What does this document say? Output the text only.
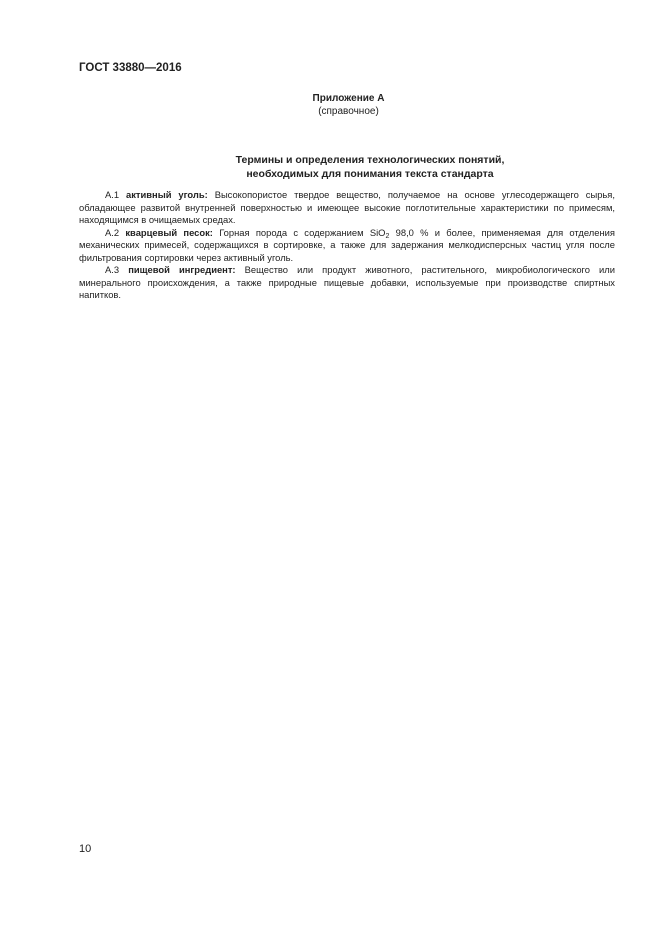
ГОСТ 33880—2016
Приложение А
(справочное)
Термины и определения технологических понятий,
необходимых для понимания текста стандарта

А.1 активный уголь: Высокопористое твердое вещество, получаемое на основе углесодержащего сырья, обладающее развитой внутренней поверхностью и имеющее высокие поглотительные характеристики по примесям, находящимся в очищаемых средах.

А.2 кварцевый песок: Горная порода с содержанием SiO$_2$ 98,0 % и более, применяемая для отделения механических примесей, содержащихся в сортировке, а также для задержания мелкодисперсных частиц угля после фильтрования сортировки через активный уголь.

А.3 пищевой ингредиент: Вещество или продукт животного, растительного, микробиологического или минерального происхождения, а также природные пищевые добавки, используемые при производстве спиртных напитков.

10
